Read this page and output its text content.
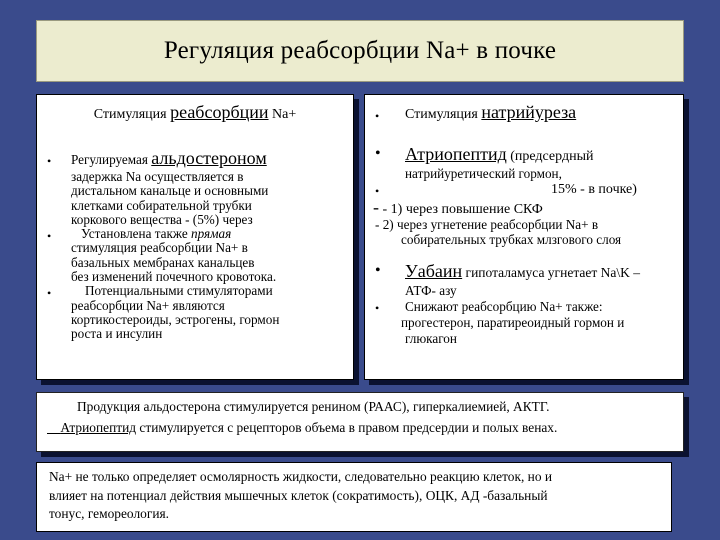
Регуляция реабсорбции Na+ в почке
Стимуляция реабсорбции Na+
• Регулируемая альдостероном
задержка Na осуществляется в
дистальном канальце и основными
клетками собирательной трубки
коркового вещества - (5%) через
•	Установлена также прямая
стимуляция реабсорбции Na+ в
базальных мембранах канальцев
без изменений почечного кровотока.
•	Потенциальными стимуляторами
реабсорбции Na+ являются
кортикостероиды, эстрогены, гормон
роста и инсулин
• Стимуляция натрийуреза
•	Атриопептид (предсердный
натрийуретический гормон,
•	15% - в почке)
- - 1) через повышение СКФ
- 2) через угнетение реабсорбции Na+ в
собирательных трубках млзгового слоя
•	Уабаин гипоталамуса угнетает Na\K –
АТФ- азу
•	Снижают реабсорбцию Na+ также:
прогестерон, паратиреоидный гормон и
глюкагон
Продукция альдостерона стимулируется ренином (РААС), гиперкалиемией, АКТГ.
Атриопептид стимулируется с рецепторов объема в правом предсердии и полых венах.
Na+ не только определяет осмолярность жидкости, следовательно реакцию клеток, но и
влияет на потенциал действия мышечных клеток (сократимость), ОЦК, АД -базальный
тонус, гемореология.
